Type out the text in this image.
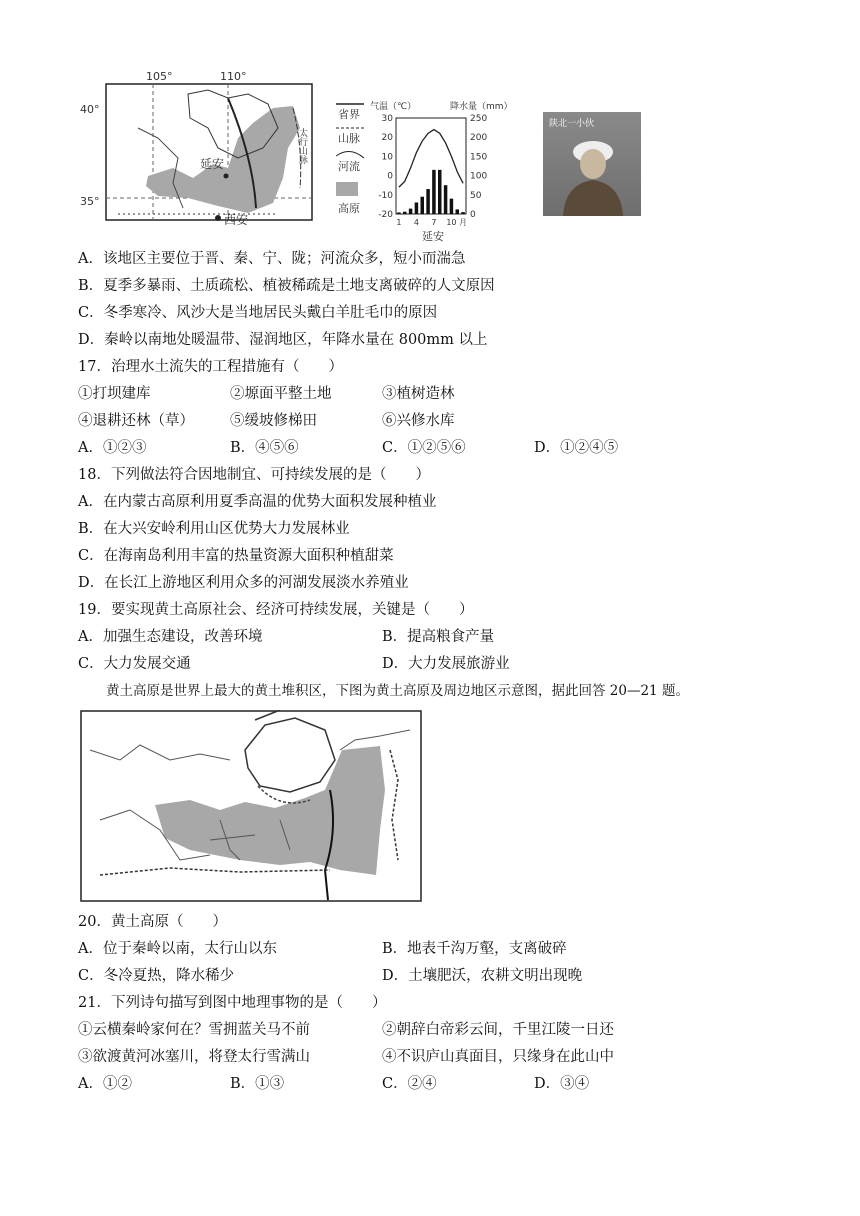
105°	110°
40°
35°
太行山脉
延安
西安
省界
山脉
河流
高原
气温（℃）	降水量（mm）
30
20
10
0
-10
-20
250
200
150
100
50
0
1 4 7 10 月
延安
陕北一小伙
A．该地区主要位于晋、秦、宁、陇；河流众多，短小而湍急
B．夏季多暴雨、土质疏松、植被稀疏是土地支离破碎的人文原因
C．冬季寒冷、风沙大是当地居民头戴白羊肚毛巾的原因
D．秦岭以南地处暖温带、湿润地区，年降水量在 800mm 以上
17．治理水土流失的工程措施有（　　）
①打坝建库	②塬面平整土地	③植树造林
④退耕还林（草） ⑤缓坡修梯田	⑥兴修水库
A．①②③	B．④⑤⑥	C．①②⑤⑥	D．①②④⑤
18．下列做法符合因地制宜、可持续发展的是（　　）
A．在内蒙古高原利用夏季高温的优势大面积发展种植业
B．在大兴安岭利用山区优势大力发展林业
C．在海南岛利用丰富的热量资源大面积种植甜菜
D．在长江上游地区利用众多的河湖发展淡水养殖业
19．要实现黄土高原社会、经济可持续发展，关键是（　　）
A．加强生态建设，改善环境	B．提高粮食产量
C．大力发展交通	D．大力发展旅游业
黄土高原是世界上最大的黄土堆积区，下图为黄土高原及周边地区示意图，据此回答 20—21 题。
20．黄土高原（　　）
A．位于秦岭以南，太行山以东	B．地表千沟万壑，支离破碎
C．冬冷夏热，降水稀少	D．土壤肥沃，农耕文明出现晚
21．下列诗句描写到图中地理事物的是（　　）
①云横秦岭家何在？雪拥蓝关马不前	②朝辞白帝彩云间，千里江陵一日还
③欲渡黄河冰塞川，将登太行雪满山	④不识庐山真面目，只缘身在此山中
A．①②	B．①③	C．②④	D．③④
